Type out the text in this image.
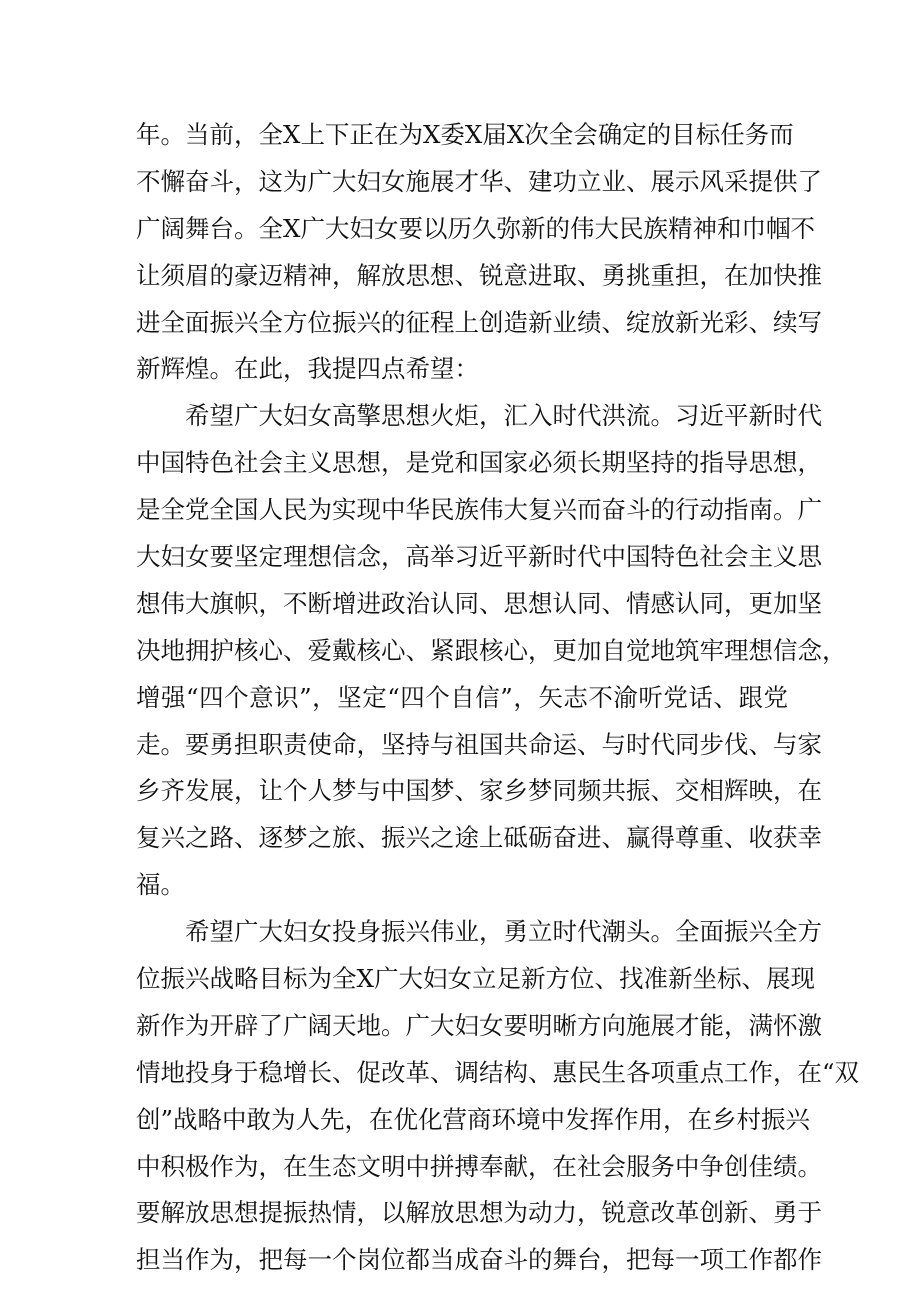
年。当前，全X上下正在为X委X届X次全会确定的目标任务而
不懈奋斗，这为广大妇女施展才华、建功立业、展示风采提供了
广阔舞台。全X广大妇女要以历久弥新的伟大民族精神和巾帼不
让须眉的豪迈精神，解放思想、锐意进取、勇挑重担，在加快推
进全面振兴全方位振兴的征程上创造新业绩、绽放新光彩、续写
新辉煌。在此，我提四点希望：
希望广大妇女高擎思想火炬，汇入时代洪流。习近平新时代
中国特色社会主义思想，是党和国家必须长期坚持的指导思想，
是全党全国人民为实现中华民族伟大复兴而奋斗的行动指南。广
大妇女要坚定理想信念，高举习近平新时代中国特色社会主义思
想伟大旗帜，不断增进政治认同、思想认同、情感认同，更加坚
决地拥护核心、爱戴核心、紧跟核心，更加自觉地筑牢理想信念，
增强“四个意识”，坚定“四个自信”，矢志不渝听党话、跟党
走。要勇担职责使命，坚持与祖国共命运、与时代同步伐、与家
乡齐发展，让个人梦与中国梦、家乡梦同频共振、交相辉映，在
复兴之路、逐梦之旅、振兴之途上砥砺奋进、赢得尊重、收获幸
福。
希望广大妇女投身振兴伟业，勇立时代潮头。全面振兴全方
位振兴战略目标为全X广大妇女立足新方位、找准新坐标、展现
新作为开辟了广阔天地。广大妇女要明晰方向施展才能，满怀激
情地投身于稳增长、促改革、调结构、惠民生各项重点工作，在“双
创”战略中敢为人先，在优化营商环境中发挥作用，在乡村振兴
中积极作为，在生态文明中拼搏奉献，在社会服务中争创佳绩。
要解放思想提振热情，以解放思想为动力，锐意改革创新、勇于
担当作为，把每一个岗位都当成奋斗的舞台，把每一项工作都作
